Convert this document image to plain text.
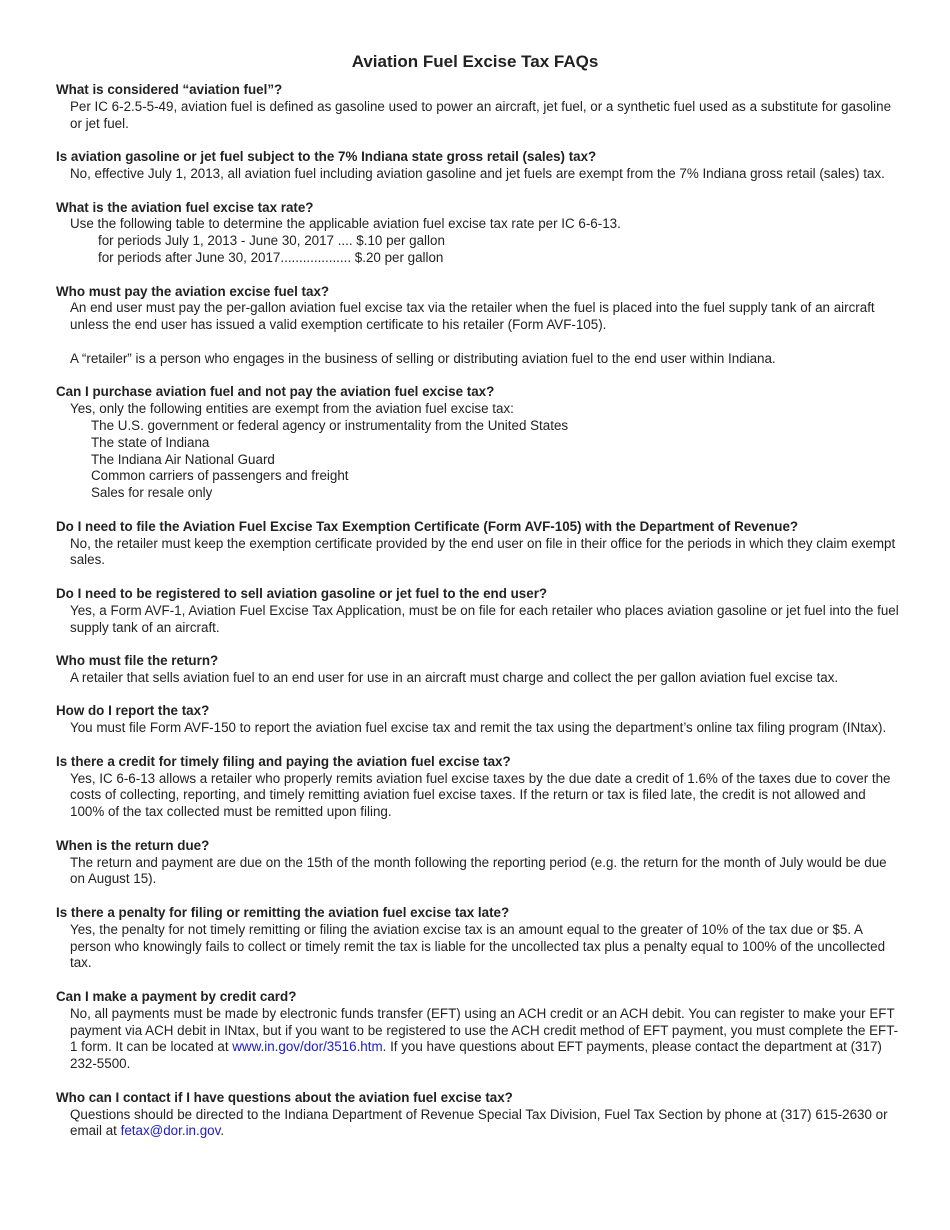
Aviation Fuel Excise Tax FAQs
What is considered “aviation fuel”?

Per IC 6-2.5-5-49, aviation fuel is defined as gasoline used to power an aircraft, jet fuel, or a synthetic fuel used as a substitute for gasoline or jet fuel.

Is aviation gasoline or jet fuel subject to the 7% Indiana state gross retail (sales) tax?

No, effective July 1, 2013, all aviation fuel including aviation gasoline and jet fuels are exempt from the 7% Indiana gross retail (sales) tax.

What is the aviation fuel excise tax rate?

Use the following table to determine the applicable aviation fuel excise tax rate per IC 6-6-13.

for periods July 1, 2013 - June 30, 2017 .... $.10 per gallon
for periods after June 30, 2017................... $.20 per gallon
Who must pay the aviation excise fuel tax?

An end user must pay the per-gallon aviation fuel excise tax via the retailer when the fuel is placed into the fuel supply tank of an aircraft unless the end user has issued a valid exemption certificate to his retailer (Form AVF-105).

A “retailer” is a person who engages in the business of selling or distributing aviation fuel to the end user within Indiana.

Can I purchase aviation fuel and not pay the aviation fuel excise tax?

Yes, only the following entities are exempt from the aviation fuel excise tax:

The U.S. government or federal agency or instrumentality from the United States
The state of Indiana
The Indiana Air National Guard
Common carriers of passengers and freight
Sales for resale only
Do I need to file the Aviation Fuel Excise Tax Exemption Certificate (Form AVF-105) with the Department of Revenue?

No, the retailer must keep the exemption certificate provided by the end user on file in their office for the periods in which they claim exempt sales.

Do I need to be registered to sell aviation gasoline or jet fuel to the end user?

Yes, a Form AVF-1, Aviation Fuel Excise Tax Application, must be on file for each retailer who places aviation gasoline or jet fuel into the fuel supply tank of an aircraft.

Who must file the return?

A retailer that sells aviation fuel to an end user for use in an aircraft must charge and collect the per gallon aviation fuel excise tax.

How do I report the tax?

You must file Form AVF-150 to report the aviation fuel excise tax and remit the tax using the department’s online tax filing program (INtax).

Is there a credit for timely filing and paying the aviation fuel excise tax?

Yes, IC 6-6-13 allows a retailer who properly remits aviation fuel excise taxes by the due date a credit of 1.6% of the taxes due to cover the costs of collecting, reporting, and timely remitting aviation fuel excise taxes. If the return or tax is filed late, the credit is not allowed and 100% of the tax collected must be remitted upon filing.

When is the return due?

The return and payment are due on the 15th of the month following the reporting period (e.g. the return for the month of July would be due on August 15).

Is there a penalty for filing or remitting the aviation fuel excise tax late?

Yes, the penalty for not timely remitting or filing the aviation excise tax is an amount equal to the greater of 10% of the tax due or $5. A person who knowingly fails to collect or timely remit the tax is liable for the uncollected tax plus a penalty equal to 100% of the uncollected tax.

Can I make a payment by credit card?

No, all payments must be made by electronic funds transfer (EFT) using an ACH credit or an ACH debit. You can register to make your EFT payment via ACH debit in INtax, but if you want to be registered to use the ACH credit method of EFT payment, you must complete the EFT-1 form. It can be located at www.in.gov/dor/3516.htm. If you have questions about EFT payments, please contact the department at (317) 232-5500.

Who can I contact if I have questions about the aviation fuel excise tax?

Questions should be directed to the Indiana Department of Revenue Special Tax Division, Fuel Tax Section by phone at (317) 615-2630 or email at fetax@dor.in.gov.
